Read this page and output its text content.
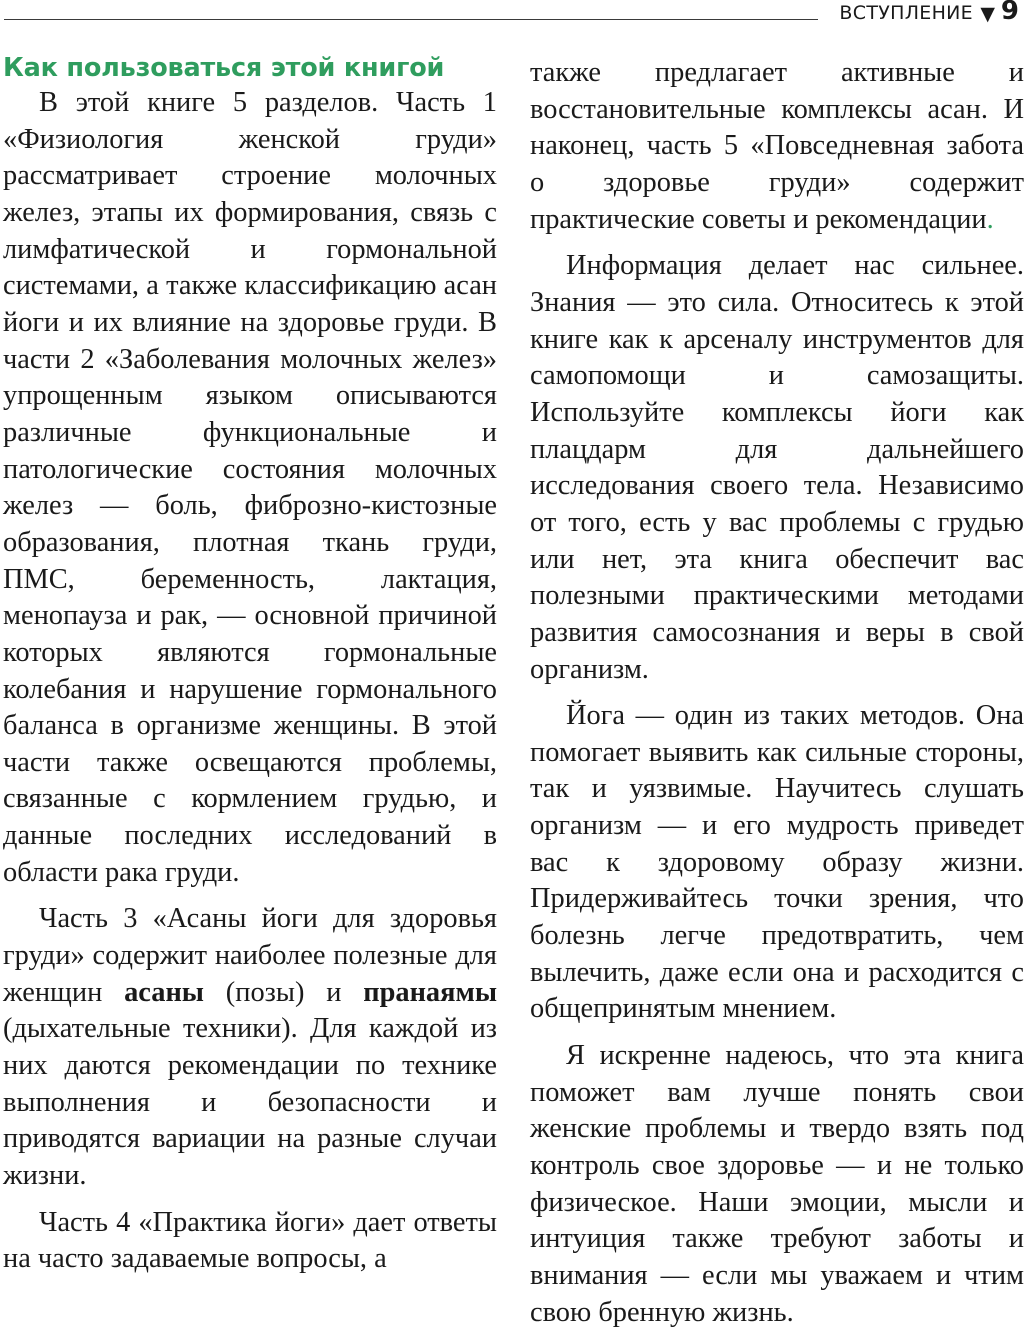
ВСТУПЛЕНИЕ ▼ 9
Как пользоваться этой книгой

В этой книге 5 разделов. Часть 1 «Физиология женской груди» рассматривает строение молочных желез, этапы их формирования, связь с лимфатической и гормональной системами, а также классификацию асан йоги и их влияние на здоровье груди. В части 2 «Заболевания молочных желез» упрощенным языком описываются различные функциональные и патологические состояния молочных желез — боль, фиброзно-кистозные образования, плотная ткань груди, ПМС, беременность, лактация, менопауза и рак, — основной причиной которых являются гормональные колебания и нарушение гормонального баланса в организме женщины. В этой части также освещаются проблемы, связанные с кормлением грудью, и данные последних исследований в области рака груди.

Часть 3 «Асаны йоги для здоровья груди» содержит наиболее полезные для женщин асаны (позы) и пранаямы (дыхательные техники). Для каждой из них даются рекомендации по технике выполнения и безопасности и приводятся вариации на разные случаи жизни.

Часть 4 «Практика йоги» дает ответы на часто задаваемые вопросы, а

также предлагает активные и восстановительные комплексы асан. И наконец, часть 5 «Повседневная забота о здоровье груди» содержит практические советы и рекомендации.

Информация делает нас сильнее. Знания — это сила. Относитесь к этой книге как к арсеналу инструментов для самопомощи и самозащиты. Используйте комплексы йоги как плацдарм для дальнейшего исследования своего тела. Независимо от того, есть у вас проблемы с грудью или нет, эта книга обеспечит вас полезными практическими методами развития самосознания и веры в свой организм.

Йога — один из таких методов. Она помогает выявить как сильные стороны, так и уязвимые. Научитесь слушать организм — и его мудрость приведет вас к здоровому образу жизни. Придерживайтесь точки зрения, что болезнь легче предотвратить, чем вылечить, даже если она и расходится с общепринятым мнением.

Я искренне надеюсь, что эта книга поможет вам лучше понять свои женские проблемы и твердо взять под контроль свое здоровье — и не только физическое. Наши эмоции, мысли и интуиция также требуют заботы и внимания — если мы уважаем и чтим свою бренную жизнь.
